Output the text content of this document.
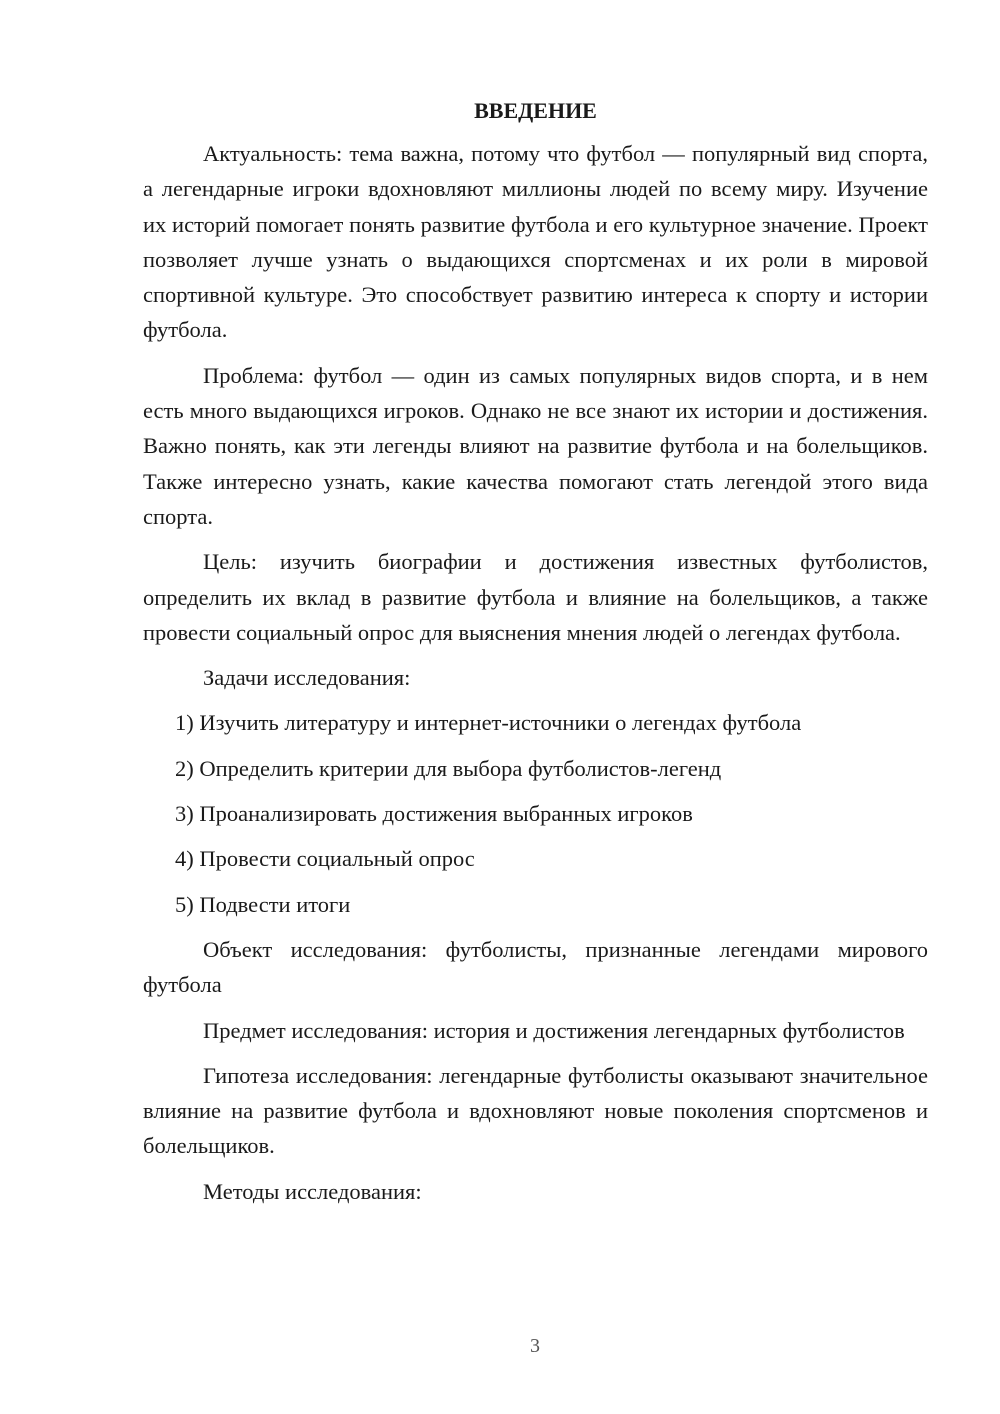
ВВЕДЕНИЕ

Актуальность: тема важна, потому что футбол — популярный вид спорта, а легендарные игроки вдохновляют миллионы людей по всему миру. Изучение их историй помогает понять развитие футбола и его культурное значение. Проект позволяет лучше узнать о выдающихся спортсменах и их роли в мировой спортивной культуре. Это способствует развитию интереса к спорту и истории футбола.

Проблема: футбол — один из самых популярных видов спорта, и в нем есть много выдающихся игроков. Однако не все знают их истории и достижения. Важно понять, как эти легенды влияют на развитие футбола и на болельщиков. Также интересно узнать, какие качества помогают стать легендой этого вида спорта.

Цель: изучить биографии и достижения известных футболистов, определить их вклад в развитие футбола и влияние на болельщиков, а также провести социальный опрос для выяснения мнения людей о легендах футбола.

Задачи исследования:

1) Изучить литературу и интернет-источники о легендах футбола

2) Определить критерии для выбора футболистов-легенд

3) Проанализировать достижения выбранных игроков

4) Провести социальный опрос

5) Подвести итоги

Объект исследования: футболисты, признанные легендами мирового футбола

Предмет исследования: история и достижения легендарных футболистов

Гипотеза исследования: легендарные футболисты оказывают значительное влияние на развитие футбола и вдохновляют новые поколения спортсменов и болельщиков.

Методы исследования:

3
